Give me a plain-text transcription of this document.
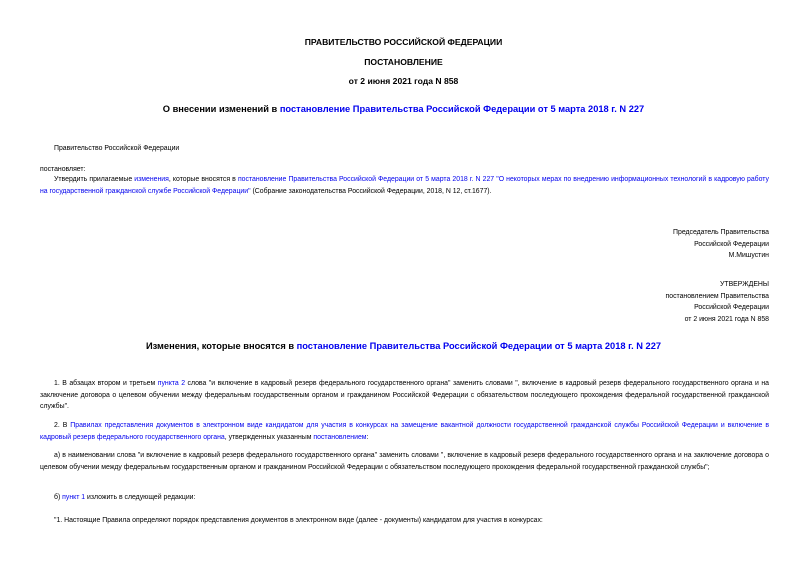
ПРАВИТЕЛЬСТВО РОССИЙСКОЙ ФЕДЕРАЦИИ
ПОСТАНОВЛЕНИЕ
от 2 июня 2021 года N 858
О внесении изменений в постановление Правительства Российской Федерации от 5 марта 2018 г. N 227
Правительство Российской Федерации
постановляет:
Утвердить прилагаемые изменения, которые вносятся в постановление Правительства Российской Федерации от 5 марта 2018 г. N 227 "О некоторых мерах по внедрению информационных технологий в кадровую работу на государственной гражданской службе Российской Федерации" (Собрание законодательства Российской Федерации, 2018, N 12, ст.1677).
Председатель Правительства
Российской Федерации
М.Мишустин
УТВЕРЖДЕНЫ
постановлением Правительства
Российской Федерации
от 2 июня 2021 года N 858
Изменения, которые вносятся в постановление Правительства Российской Федерации от 5 марта 2018 г. N 227
1. В абзацах втором и третьем пункта 2 слова "и включение в кадровый резерв федерального государственного органа" заменить словами ", включение в кадровый резерв федерального государственного органа и на заключение договора о целевом обучении между федеральным государственным органом и гражданином Российской Федерации с обязательством последующего прохождения федеральной государственной гражданской службы".
2. В Правилах представления документов в электронном виде кандидатом для участия в конкурсах на замещение вакантной должности государственной гражданской службы Российской Федерации и включение в кадровый резерв федерального государственного органа, утвержденных указанным постановлением:
а) в наименовании слова "и включение в кадровый резерв федерального государственного органа" заменить словами ", включение в кадровый резерв федерального государственного органа и на заключение договора о целевом обучении между федеральным государственным органом и гражданином Российской Федерации с обязательством последующего прохождения федеральной государственной гражданской службы";
б) пункт 1 изложить в следующей редакции:
"1. Настоящие Правила определяют порядок представления документов в электронном виде (далее - документы) кандидатом для участия в конкурсах:
